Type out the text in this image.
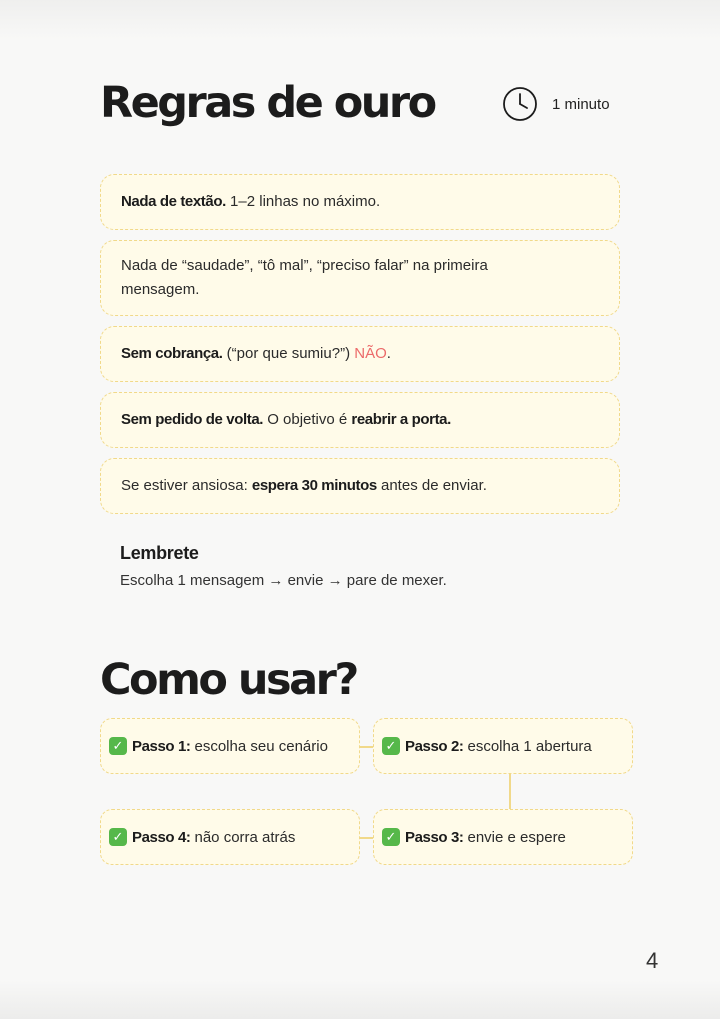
Regras de ouro	1 minuto
Nada de textão. 1–2 linhas no máximo.
Nada de “saudade”, “tô mal”, “preciso falar” na primeira mensagem.
Sem cobrança. (“por que sumiu?”) NÃO.
Sem pedido de volta. O objetivo é reabrir a porta.
Se estiver ansiosa: espera 30 minutos antes de enviar.
Lembrete
Escolha 1 mensagem → envie → pare de mexer.
Como usar?
✓ Passo 1: escolha seu cenário	✓ Passo 2: escolha 1 abertura
✓ Passo 3: envie e espere
✓ Passo 4: não corra atrás
4
